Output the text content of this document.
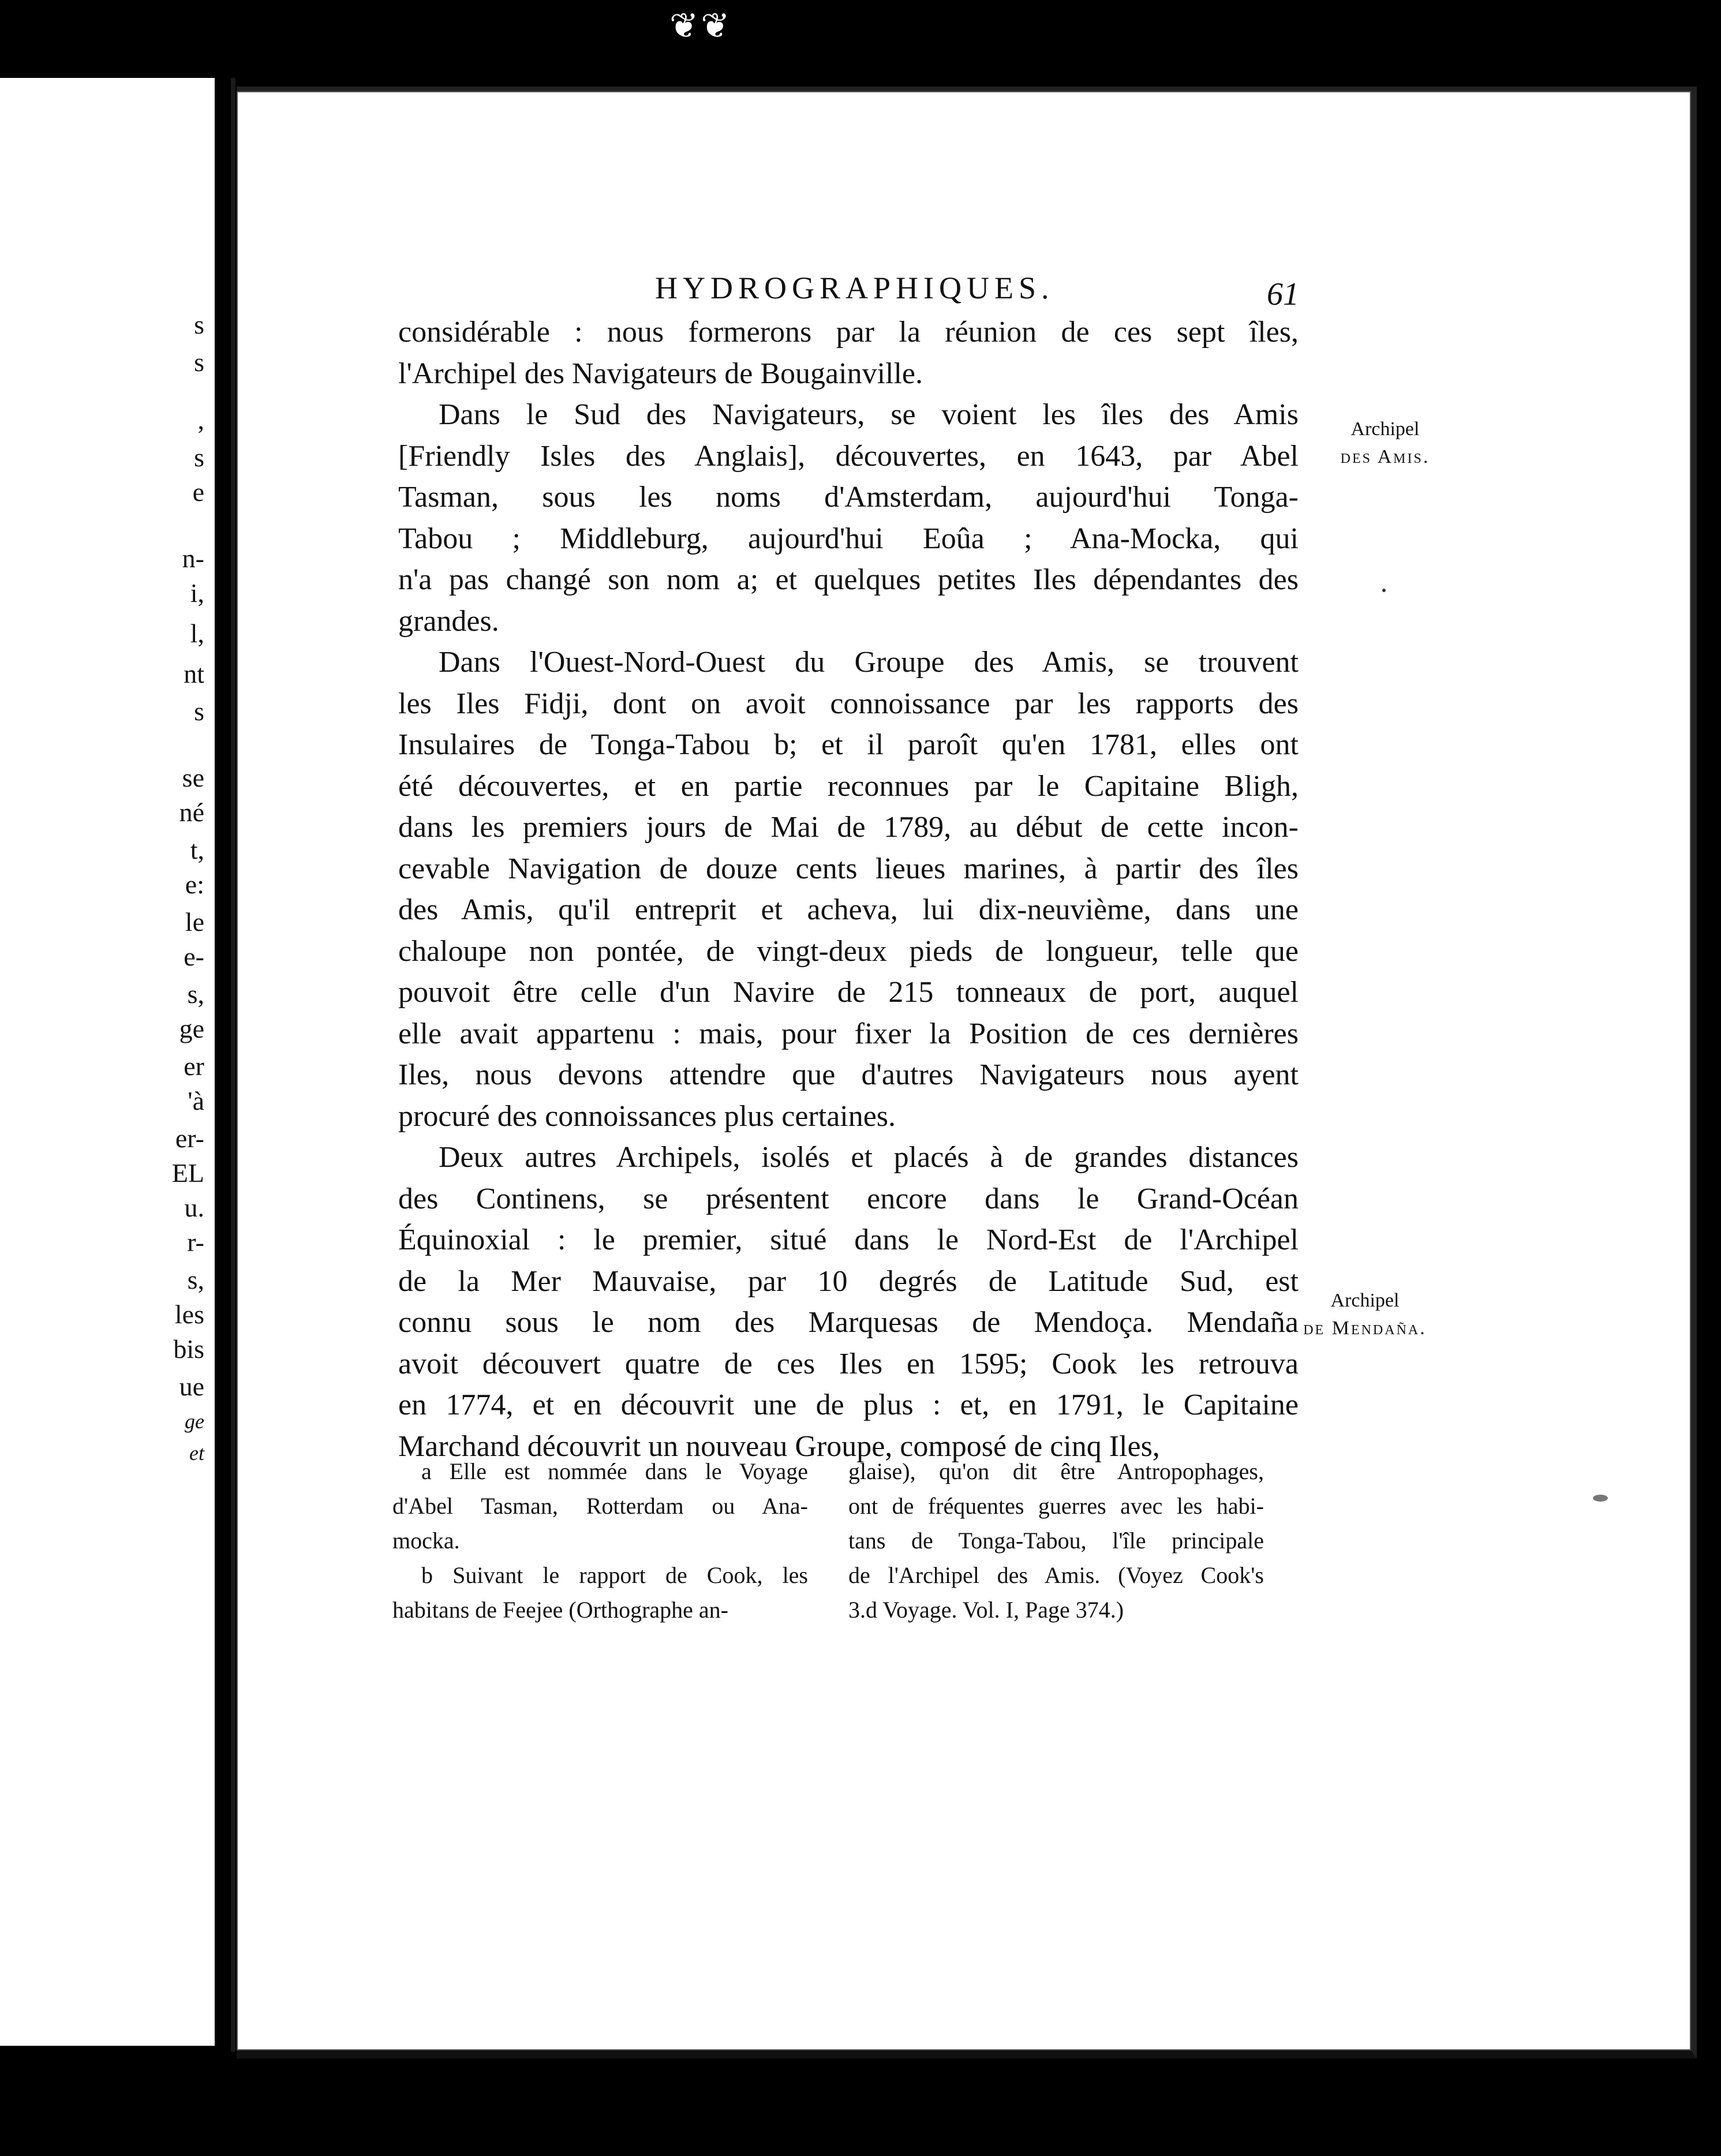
❦❦
s
s
,
s
e
n-
i,
l,
nt
s
se
né
t,
e:
le
e-
s,
ge
er
'à
er-
EL
u.
r-
s,
les
bis
ue
ge
et
HYDROGRAPHIQUES.	61
considérable : nous formerons par la réunion de ces sept îles,
l'Archipel des Navigateurs de Bougainville.
Dans le Sud des Navigateurs, se voient les îles des Amis
[Friendly Isles des Anglais], découvertes, en 1643, par Abel
Tasman, sous les noms d'Amsterdam, aujourd'hui Tonga-
Tabou ; Middleburg, aujourd'hui Eoûa ; Ana-Mocka, qui
n'a pas changé son nom a; et quelques petites Iles dépendantes des
grandes.
Dans l'Ouest-Nord-Ouest du Groupe des Amis, se trouvent
les Iles Fidji, dont on avoit connoissance par les rapports des
Insulaires de Tonga-Tabou b; et il paroît qu'en 1781, elles ont
été découvertes, et en partie reconnues par le Capitaine Bligh,
dans les premiers jours de Mai de 1789, au début de cette incon-
cevable Navigation de douze cents lieues marines, à partir des îles
des Amis, qu'il entreprit et acheva, lui dix-neuvième, dans une
chaloupe non pontée, de vingt-deux pieds de longueur, telle que
pouvoit être celle d'un Navire de 215 tonneaux de port, auquel
elle avait appartenu : mais, pour fixer la Position de ces dernières
Iles, nous devons attendre que d'autres Navigateurs nous ayent
procuré des connoissances plus certaines.
Deux autres Archipels, isolés et placés à de grandes distances
des Continens, se présentent encore dans le Grand-Océan
Équinoxial : le premier, situé dans le Nord-Est de l'Archipel
de la Mer Mauvaise, par 10 degrés de Latitude Sud, est
connu sous le nom des Marquesas de Mendoça. Mendaña
avoit découvert quatre de ces Iles en 1595; Cook les retrouva
en 1774, et en découvrit une de plus : et, en 1791, le Capitaine
Marchand découvrit un nouveau Groupe, composé de cinq Iles,
Archipel
des Amis.
Archipel
de Mendaña.
a Elle est nommée dans le Voyage
d'Abel Tasman, Rotterdam ou Ana-
mocka.
b Suivant le rapport de Cook, les
habitans de Feejee (Orthographe an-
glaise), qu'on dit être Antropophages,
ont de fréquentes guerres avec les habi-
tans de Tonga-Tabou, l'île principale
de l'Archipel des Amis. (Voyez Cook's
3.d Voyage. Vol. I, Page 374.)
